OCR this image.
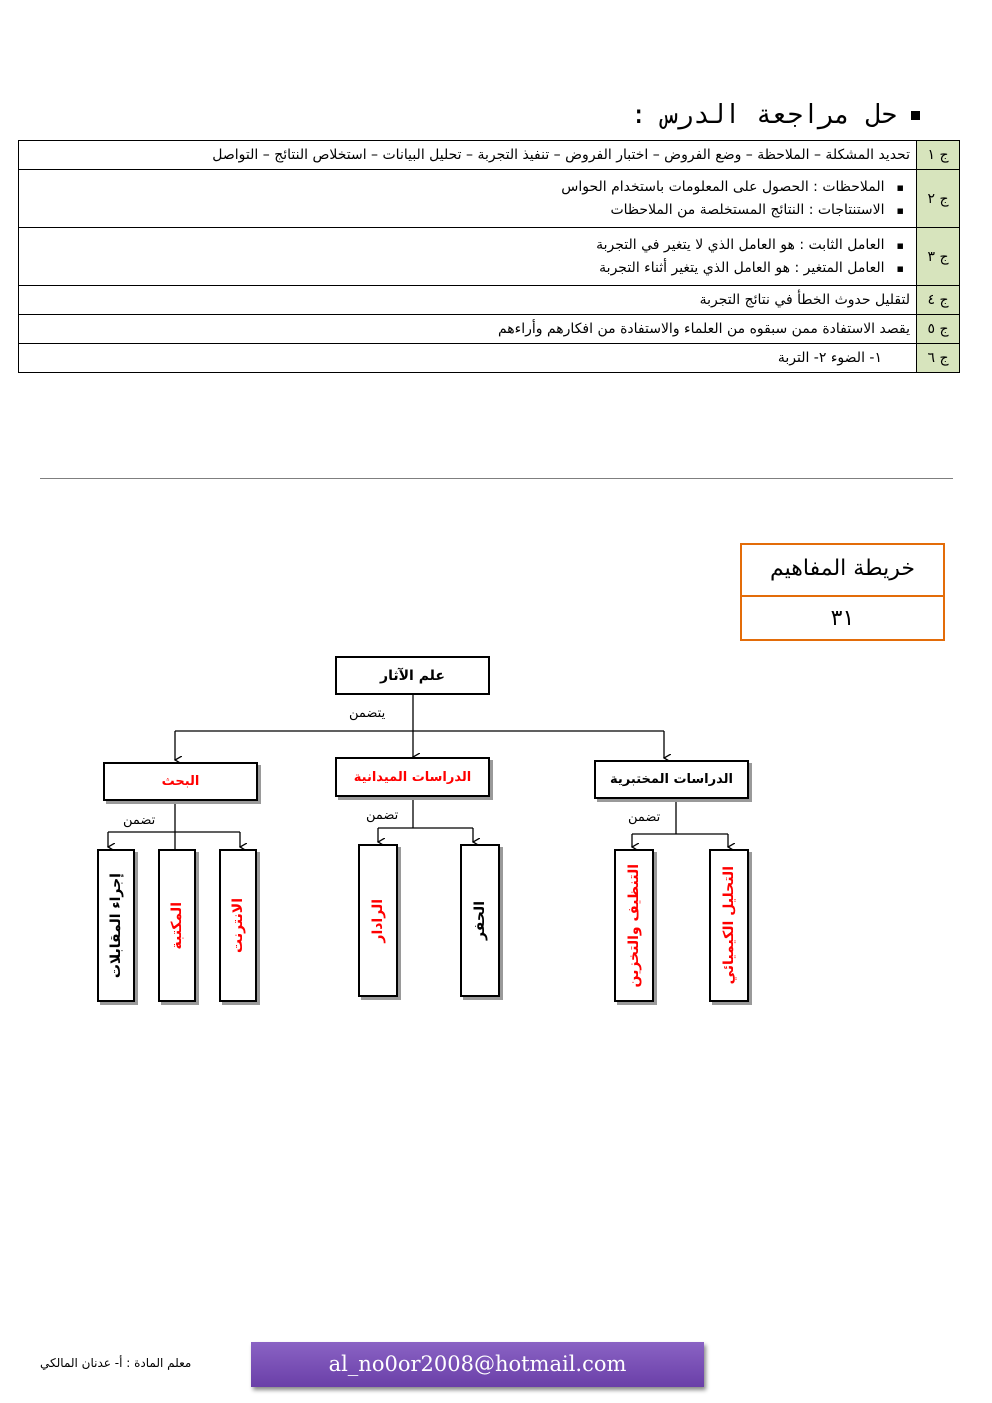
حل مراجعة الدرس :
ج ١	تحديد المشكلة – الملاحظة – وضع الفروض – اختبار الفروض – تنفيذ التجربة – تحليل البيانات – استخلاص النتائج – التواصل
ج ٢	▪ الملاحظات : الحصول على المعلومات باستخدام الحواس
▪ الاستنتاجات : النتائج المستخلصة من الملاحظات

ج ٣	▪ العامل الثابت : هو العامل الذي لا يتغير في التجربة
▪ العامل المتغير : هو العامل الذي يتغير أثناء التجربة

ج ٤	لتقليل حدوث الخطأ في نتائج التجربة
ج ٥	يقصد الاستفادة ممن سبقوه من العلماء والاستفادة من افكارهم وأراءهم
ج ٦	١- الضوء ٢- التربة
خريطة المفاهيم
٣١
علم الآثار
يتضمن
البحث	الدراسات الميدانية	الدراسات المختبرية
تضمن	تضمن	تضمن
إجراء المقابلات	المكتبة	الانترنت	الرادار	الحفر	التنظيف والتخزين	التحليل الكيميائي
معلم المادة : أ- عدنان المالكي	al_no0or2008@hotmail.com
